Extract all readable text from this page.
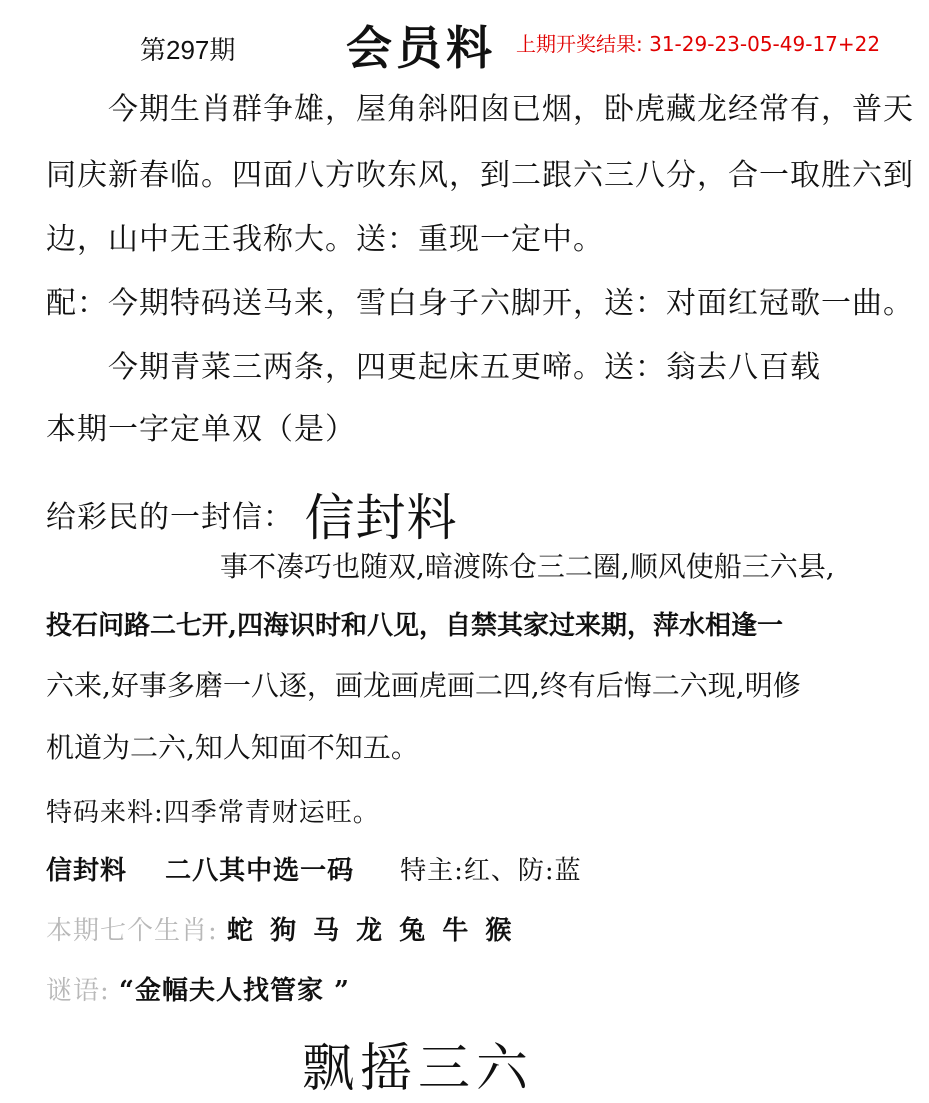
第297期 会员料 上期开奖结果: 31-29-23-05-49-17+22
今期生肖群争雄，屋角斜阳囱已烟，卧虎藏龙经常有，普天
同庆新春临。四面八方吹东风，到二跟六三八分，合一取胜六到
边，山中无王我称大。送：重现一定中。
配：今期特码送马来，雪白身子六脚开，送：对面红冠歌一曲。
今期青菜三两条，四更起床五更啼。送：翁去八百载
本期一字定单双（是）
给彩民的一封信： 信封料
事不凑巧也随双,暗渡陈仓三二圈,顺风使船三六县,
投石问路二七开,四海识时和八见，自禁其家过来期，萍水相逢一
六来,好事多磨一八逐，画龙画虎画二四,终有后悔二六现,明修
机道为二六,知人知面不知五。
特码来料:四季常青财运旺。
信封料 二八其中选一码 特主:红、防:蓝
本期七个生肖: 蛇 狗 马 龙 兔 牛 猴
谜语: “金幅夫人找管家 ”
飘摇三六
